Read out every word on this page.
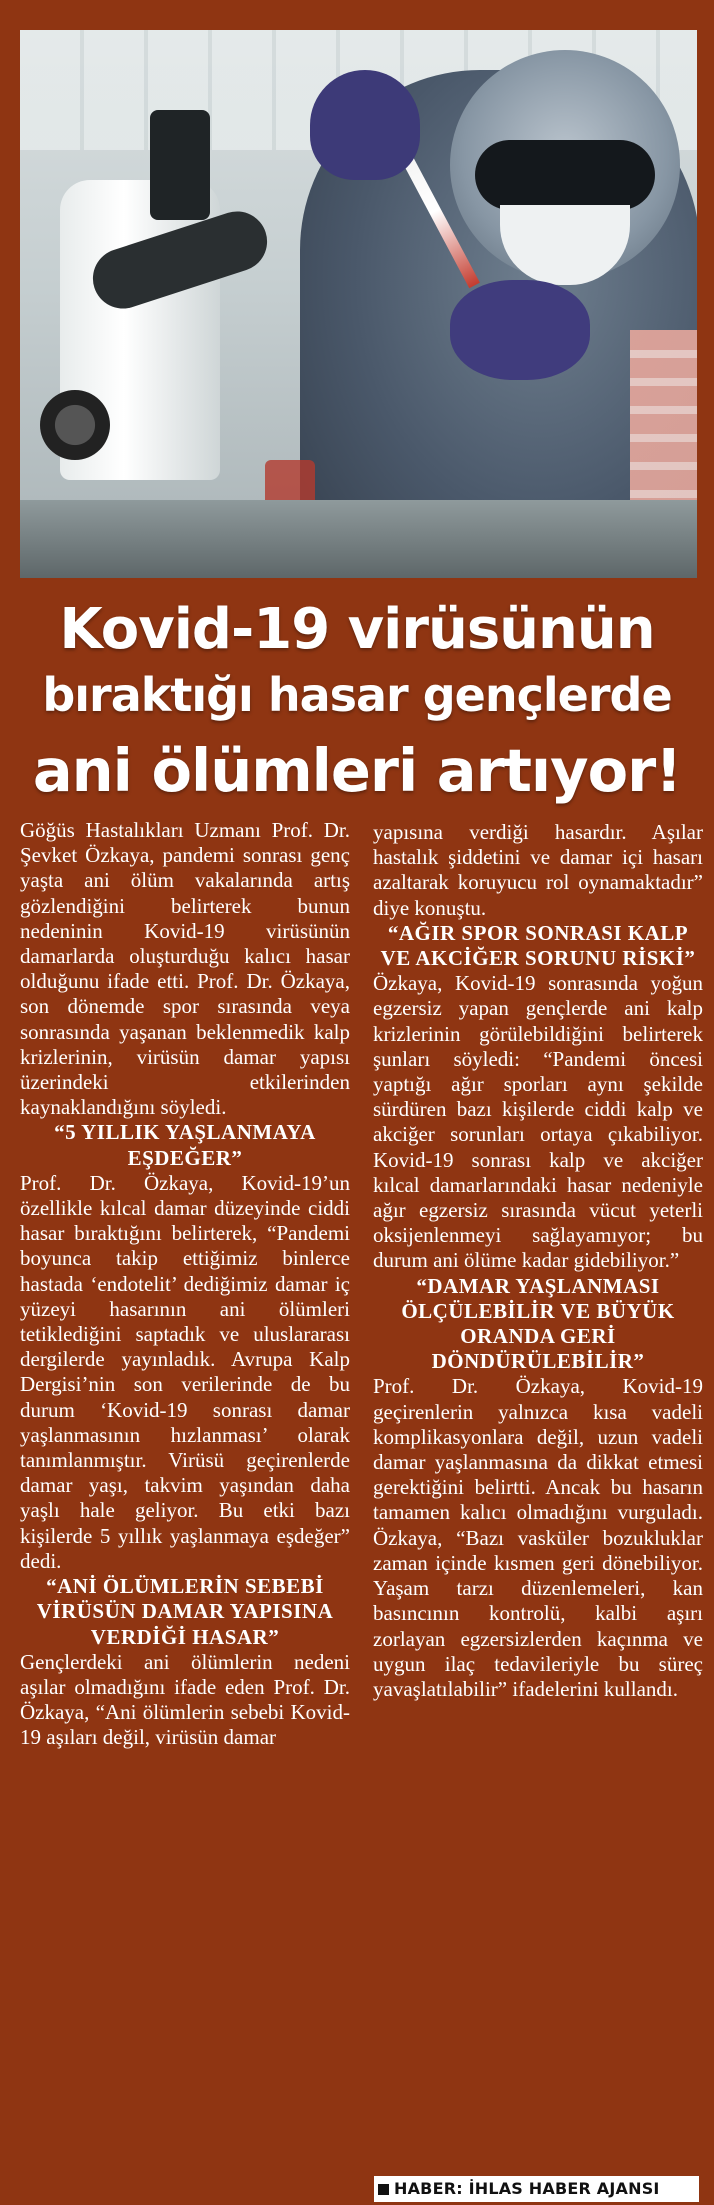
Kovid-19 virüsünün
bıraktığı hasar gençlerde
ani ölümleri artıyor!

Göğüs Hastalıkları Uzmanı Prof. Dr. Şevket Özkaya, pandemi sonrası genç yaşta ani ölüm vakalarında artış gözlendiğini belirterek bunun nedeninin Kovid-19 virüsünün damarlarda oluşturduğu kalıcı hasar olduğunu ifade etti. Prof. Dr. Özkaya, son dönemde spor sırasında veya sonrasında yaşanan beklenmedik kalp krizlerinin, virüsün damar yapısı üzerindeki etkilerinden kaynaklandığını söyledi.

“5 YILLIK YAŞLANMAYA EŞDEĞER”

Prof. Dr. Özkaya, Kovid-19’un özellikle kılcal damar düzeyinde ciddi hasar bıraktığını belirterek, “Pandemi boyunca takip ettiğimiz binlerce hastada ‘endotelit’ dediğimiz damar iç yüzeyi hasarının ani ölümleri tetiklediğini saptadık ve uluslararası dergilerde yayınladık. Avrupa Kalp Dergisi’nin son verilerinde de bu durum ‘Kovid-19 sonrası damar yaşlanmasının hızlanması’ olarak tanımlanmıştır. Virüsü geçirenlerde damar yaşı, takvim yaşından daha yaşlı hale geliyor. Bu etki bazı kişilerde 5 yıllık yaşlanmaya eşdeğer” dedi.

“ANİ ÖLÜMLERİN SEBEBİ VİRÜSÜN DAMAR YAPISINA VERDİĞİ HASAR”

Gençlerdeki ani ölümlerin nedeni aşılar olmadığını ifade eden Prof. Dr. Özkaya, “Ani ölümlerin sebebi Kovid-19 aşıları değil, virüsün damar

yapısına verdiği hasardır. Aşılar hastalık şiddetini ve damar içi hasarı azaltarak koruyucu rol oynamaktadır” diye konuştu.

“AĞIR SPOR SONRASI KALP VE AKCİĞER SORUNU RİSKİ”

Özkaya, Kovid-19 sonrasında yoğun egzersiz yapan gençlerde ani kalp krizlerinin görülebildiğini belirterek şunları söyledi: “Pandemi öncesi yaptığı ağır sporları aynı şekilde sürdüren bazı kişilerde ciddi kalp ve akciğer sorunları ortaya çıkabiliyor. Kovid-19 sonrası kalp ve akciğer kılcal damarlarındaki hasar nedeniyle ağır egzersiz sırasında vücut yeterli oksijenlenmeyi sağlayamıyor; bu durum ani ölüme kadar gidebiliyor.”

“DAMAR YAŞLANMASI ÖLÇÜLEBİLİR VE BÜYÜK ORANDA GERİ DÖNDÜRÜLEBİLİR”

Prof. Dr. Özkaya, Kovid-19 geçirenlerin yalnızca kısa vadeli komplikasyonlara değil, uzun vadeli damar yaşlanmasına da dikkat etmesi gerektiğini belirtti. Ancak bu hasarın tamamen kalıcı olmadığını vurguladı. Özkaya, “Bazı vasküler bozukluklar zaman içinde kısmen geri dönebiliyor. Yaşam tarzı düzenlemeleri, kan basıncının kontrolü, kalbi aşırı zorlayan egzersizlerden kaçınma ve uygun ilaç tedavileriyle bu süreç yavaşlatılabilir” ifadelerini kullandı.

HABER: İHLAS HABER AJANSI
